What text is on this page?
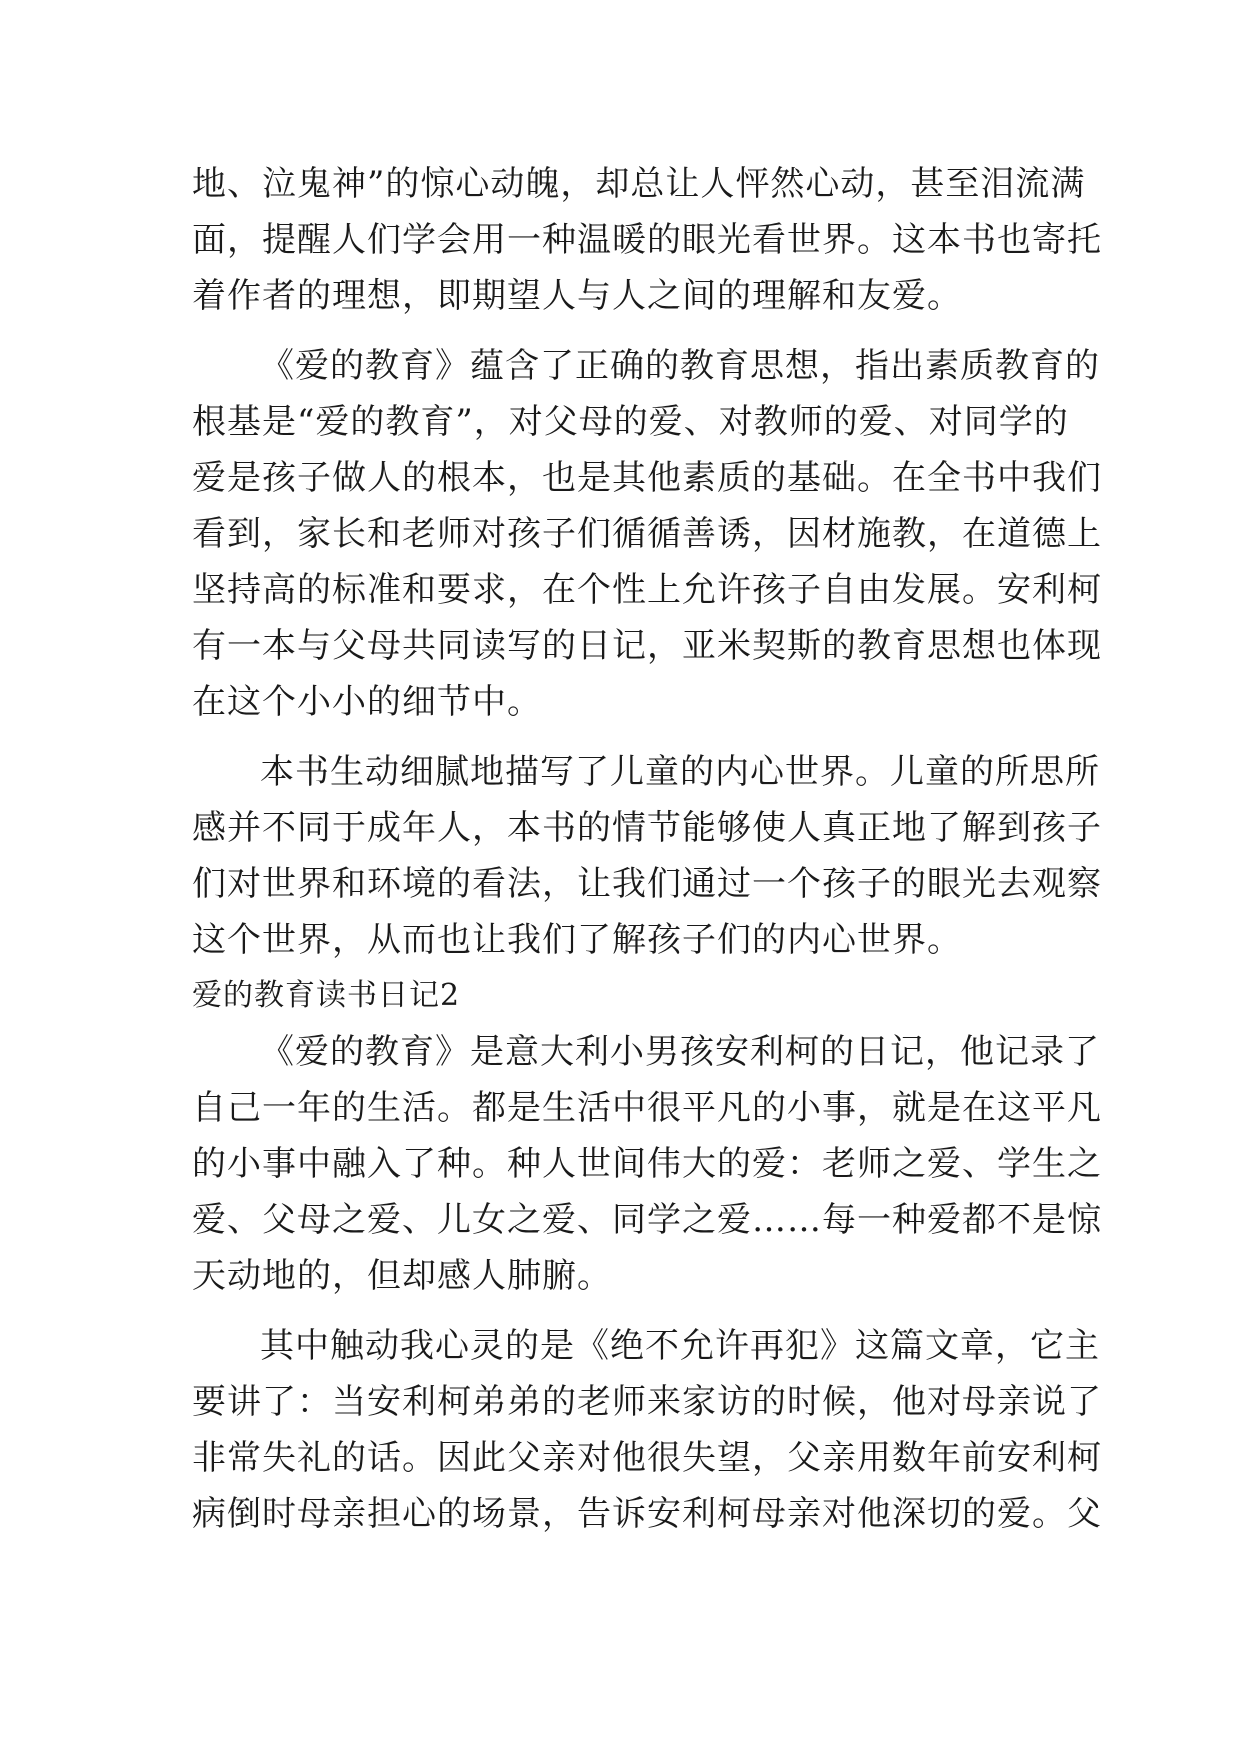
地、泣鬼神”的惊心动魄，却总让人怦然心动，甚至泪流满
面，提醒人们学会用一种温暖的眼光看世界。这本书也寄托
着作者的理想，即期望人与人之间的理解和友爱。
《爱的教育》蕴含了正确的教育思想，指出素质教育的
根基是“爱的教育”，对父母的爱、对教师的爱、对同学的
爱是孩子做人的根本，也是其他素质的基础。在全书中我们
看到，家长和老师对孩子们循循善诱，因材施教，在道德上
坚持高的标准和要求，在个性上允许孩子自由发展。安利柯
有一本与父母共同读写的日记，亚米契斯的教育思想也体现
在这个小小的细节中。
本书生动细腻地描写了儿童的内心世界。儿童的所思所
感并不同于成年人，本书的情节能够使人真正地了解到孩子
们对世界和环境的看法，让我们通过一个孩子的眼光去观察
这个世界，从而也让我们了解孩子们的内心世界。
爱的教育读书日记2
《爱的教育》是意大利小男孩安利柯的日记，他记录了
自己一年的生活。都是生活中很平凡的小事，就是在这平凡
的小事中融入了种。种人世间伟大的爱：老师之爱、学生之
爱、父母之爱、儿女之爱、同学之爱……每一种爱都不是惊
天动地的，但却感人肺腑。
其中触动我心灵的是《绝不允许再犯》这篇文章，它主
要讲了：当安利柯弟弟的老师来家访的时候，他对母亲说了
非常失礼的话。因此父亲对他很失望，父亲用数年前安利柯
病倒时母亲担心的场景，告诉安利柯母亲对他深切的爱。父
